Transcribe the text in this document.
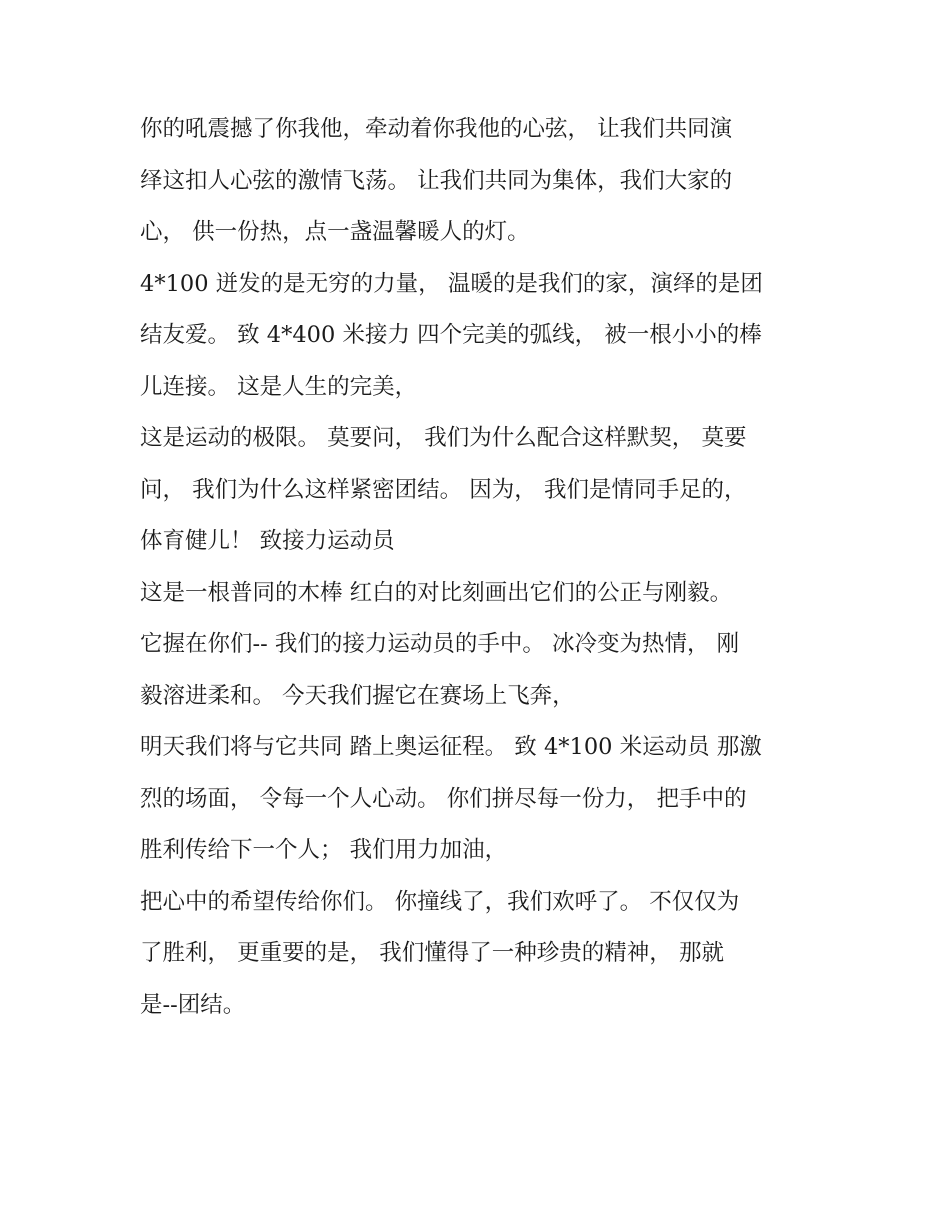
你的吼震撼了你我他，牵动着你我他的心弦， 让我们共同演
绎这扣人心弦的激情飞荡。 让我们共同为集体，我们大家的
心， 供一份热，点一盏温馨暖人的灯。
4*100 迸发的是无穷的力量， 温暖的是我们的家，演绎的是团
结友爱。 致 4*400 米接力 四个完美的弧线， 被一根小小的棒
儿连接。 这是人生的完美，
这是运动的极限。 莫要问， 我们为什么配合这样默契， 莫要
问， 我们为什么这样紧密团结。 因为， 我们是情同手足的，
体育健儿！ 致接力运动员
这是一根普同的木棒 红白的对比刻画出它们的公正与刚毅。
它握在你们-- 我们的接力运动员的手中。 冰冷变为热情， 刚
毅溶进柔和。 今天我们握它在赛场上飞奔，
明天我们将与它共同 踏上奥运征程。 致 4*100 米运动员 那激
烈的场面， 令每一个人心动。 你们拼尽每一份力， 把手中的
胜利传给下一个人； 我们用力加油，
把心中的希望传给你们。 你撞线了，我们欢呼了。 不仅仅为
了胜利， 更重要的是， 我们懂得了一种珍贵的精神， 那就
是--团结。
